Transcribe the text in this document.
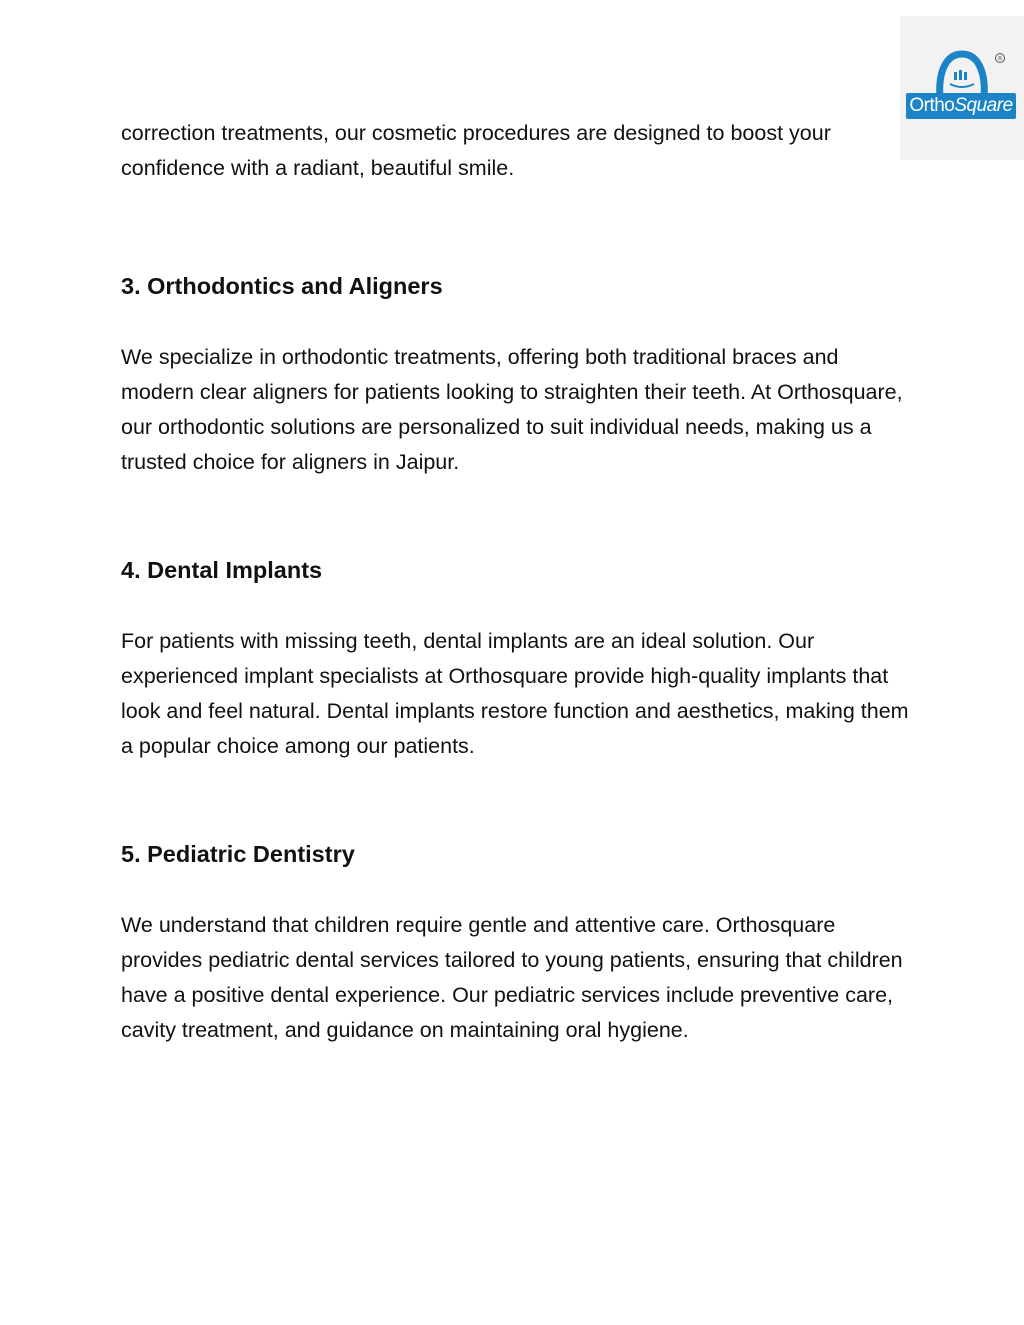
®
Ortho Square

correction treatments, our cosmetic procedures are designed to boost your confidence with a radiant, beautiful smile.

3. Orthodontics and Aligners

We specialize in orthodontic treatments, offering both traditional braces and modern clear aligners for patients looking to straighten their teeth. At Orthosquare, our orthodontic solutions are personalized to suit individual needs, making us a trusted choice for aligners in Jaipur.

4. Dental Implants

For patients with missing teeth, dental implants are an ideal solution. Our experienced implant specialists at Orthosquare provide high-quality implants that look and feel natural. Dental implants restore function and aesthetics, making them a popular choice among our patients.

5. Pediatric Dentistry

We understand that children require gentle and attentive care. Orthosquare provides pediatric dental services tailored to young patients, ensuring that children have a positive dental experience. Our pediatric services include preventive care, cavity treatment, and guidance on maintaining oral hygiene.
